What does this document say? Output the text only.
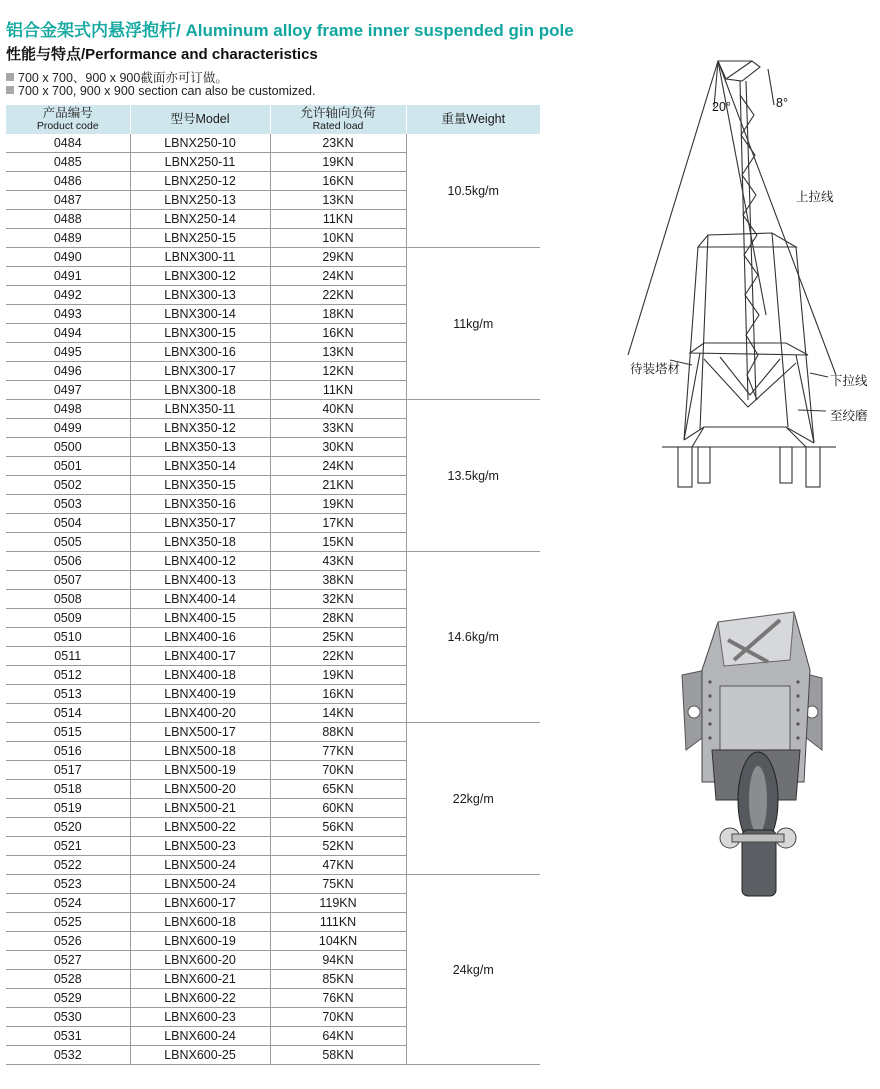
铝合金架式内悬浮抱杆/ Aluminum alloy frame inner suspended gin pole
性能与特点/Performance and characteristics
700 x 700、900 x 900截面亦可订做。
700 x 700, 900 x 900 section can also be customized.
产品编号
Product code	型号Model	允许轴向负荷
Rated load	重量Weight

0484	LBNX250-10	23KN	10.5kg/m
0485	LBNX250-11	19KN	
0486	LBNX250-12	16KN	
0487	LBNX250-13	13KN	
0488	LBNX250-14	11KN	
0489	LBNX250-15	10KN	
0490	LBNX300-11	29KN	11kg/m
0491	LBNX300-12	24KN	
0492	LBNX300-13	22KN	
0493	LBNX300-14	18KN	
0494	LBNX300-15	16KN	
0495	LBNX300-16	13KN	
0496	LBNX300-17	12KN	
0497	LBNX300-18	11KN	
0498	LBNX350-11	40KN	13.5kg/m
0499	LBNX350-12	33KN	
0500	LBNX350-13	30KN	
0501	LBNX350-14	24KN	
0502	LBNX350-15	21KN	
0503	LBNX350-16	19KN	
0504	LBNX350-17	17KN	
0505	LBNX350-18	15KN	
0506	LBNX400-12	43KN	14.6kg/m
0507	LBNX400-13	38KN	
0508	LBNX400-14	32KN	
0509	LBNX400-15	28KN	
0510	LBNX400-16	25KN	
0511	LBNX400-17	22KN	
0512	LBNX400-18	19KN	
0513	LBNX400-19	16KN	
0514	LBNX400-20	14KN	
0515	LBNX500-17	88KN	22kg/m
0516	LBNX500-18	77KN	
0517	LBNX500-19	70KN	
0518	LBNX500-20	65KN	
0519	LBNX500-21	60KN	
0520	LBNX500-22	56KN	
0521	LBNX500-23	52KN	
0522	LBNX500-24	47KN	
0523	LBNX500-24	75KN	24kg/m
0524	LBNX600-17	119KN	
0525	LBNX600-18	111KN	
0526	LBNX600-19	104KN	
0527	LBNX600-20	94KN	
0528	LBNX600-21	85KN	
0529	LBNX600-22	76KN	
0530	LBNX600-23	70KN	
0531	LBNX600-24	64KN	
0532	LBNX600-25	58KN	
20°	8°
上拉线
待装塔材
下拉线
至绞磨
